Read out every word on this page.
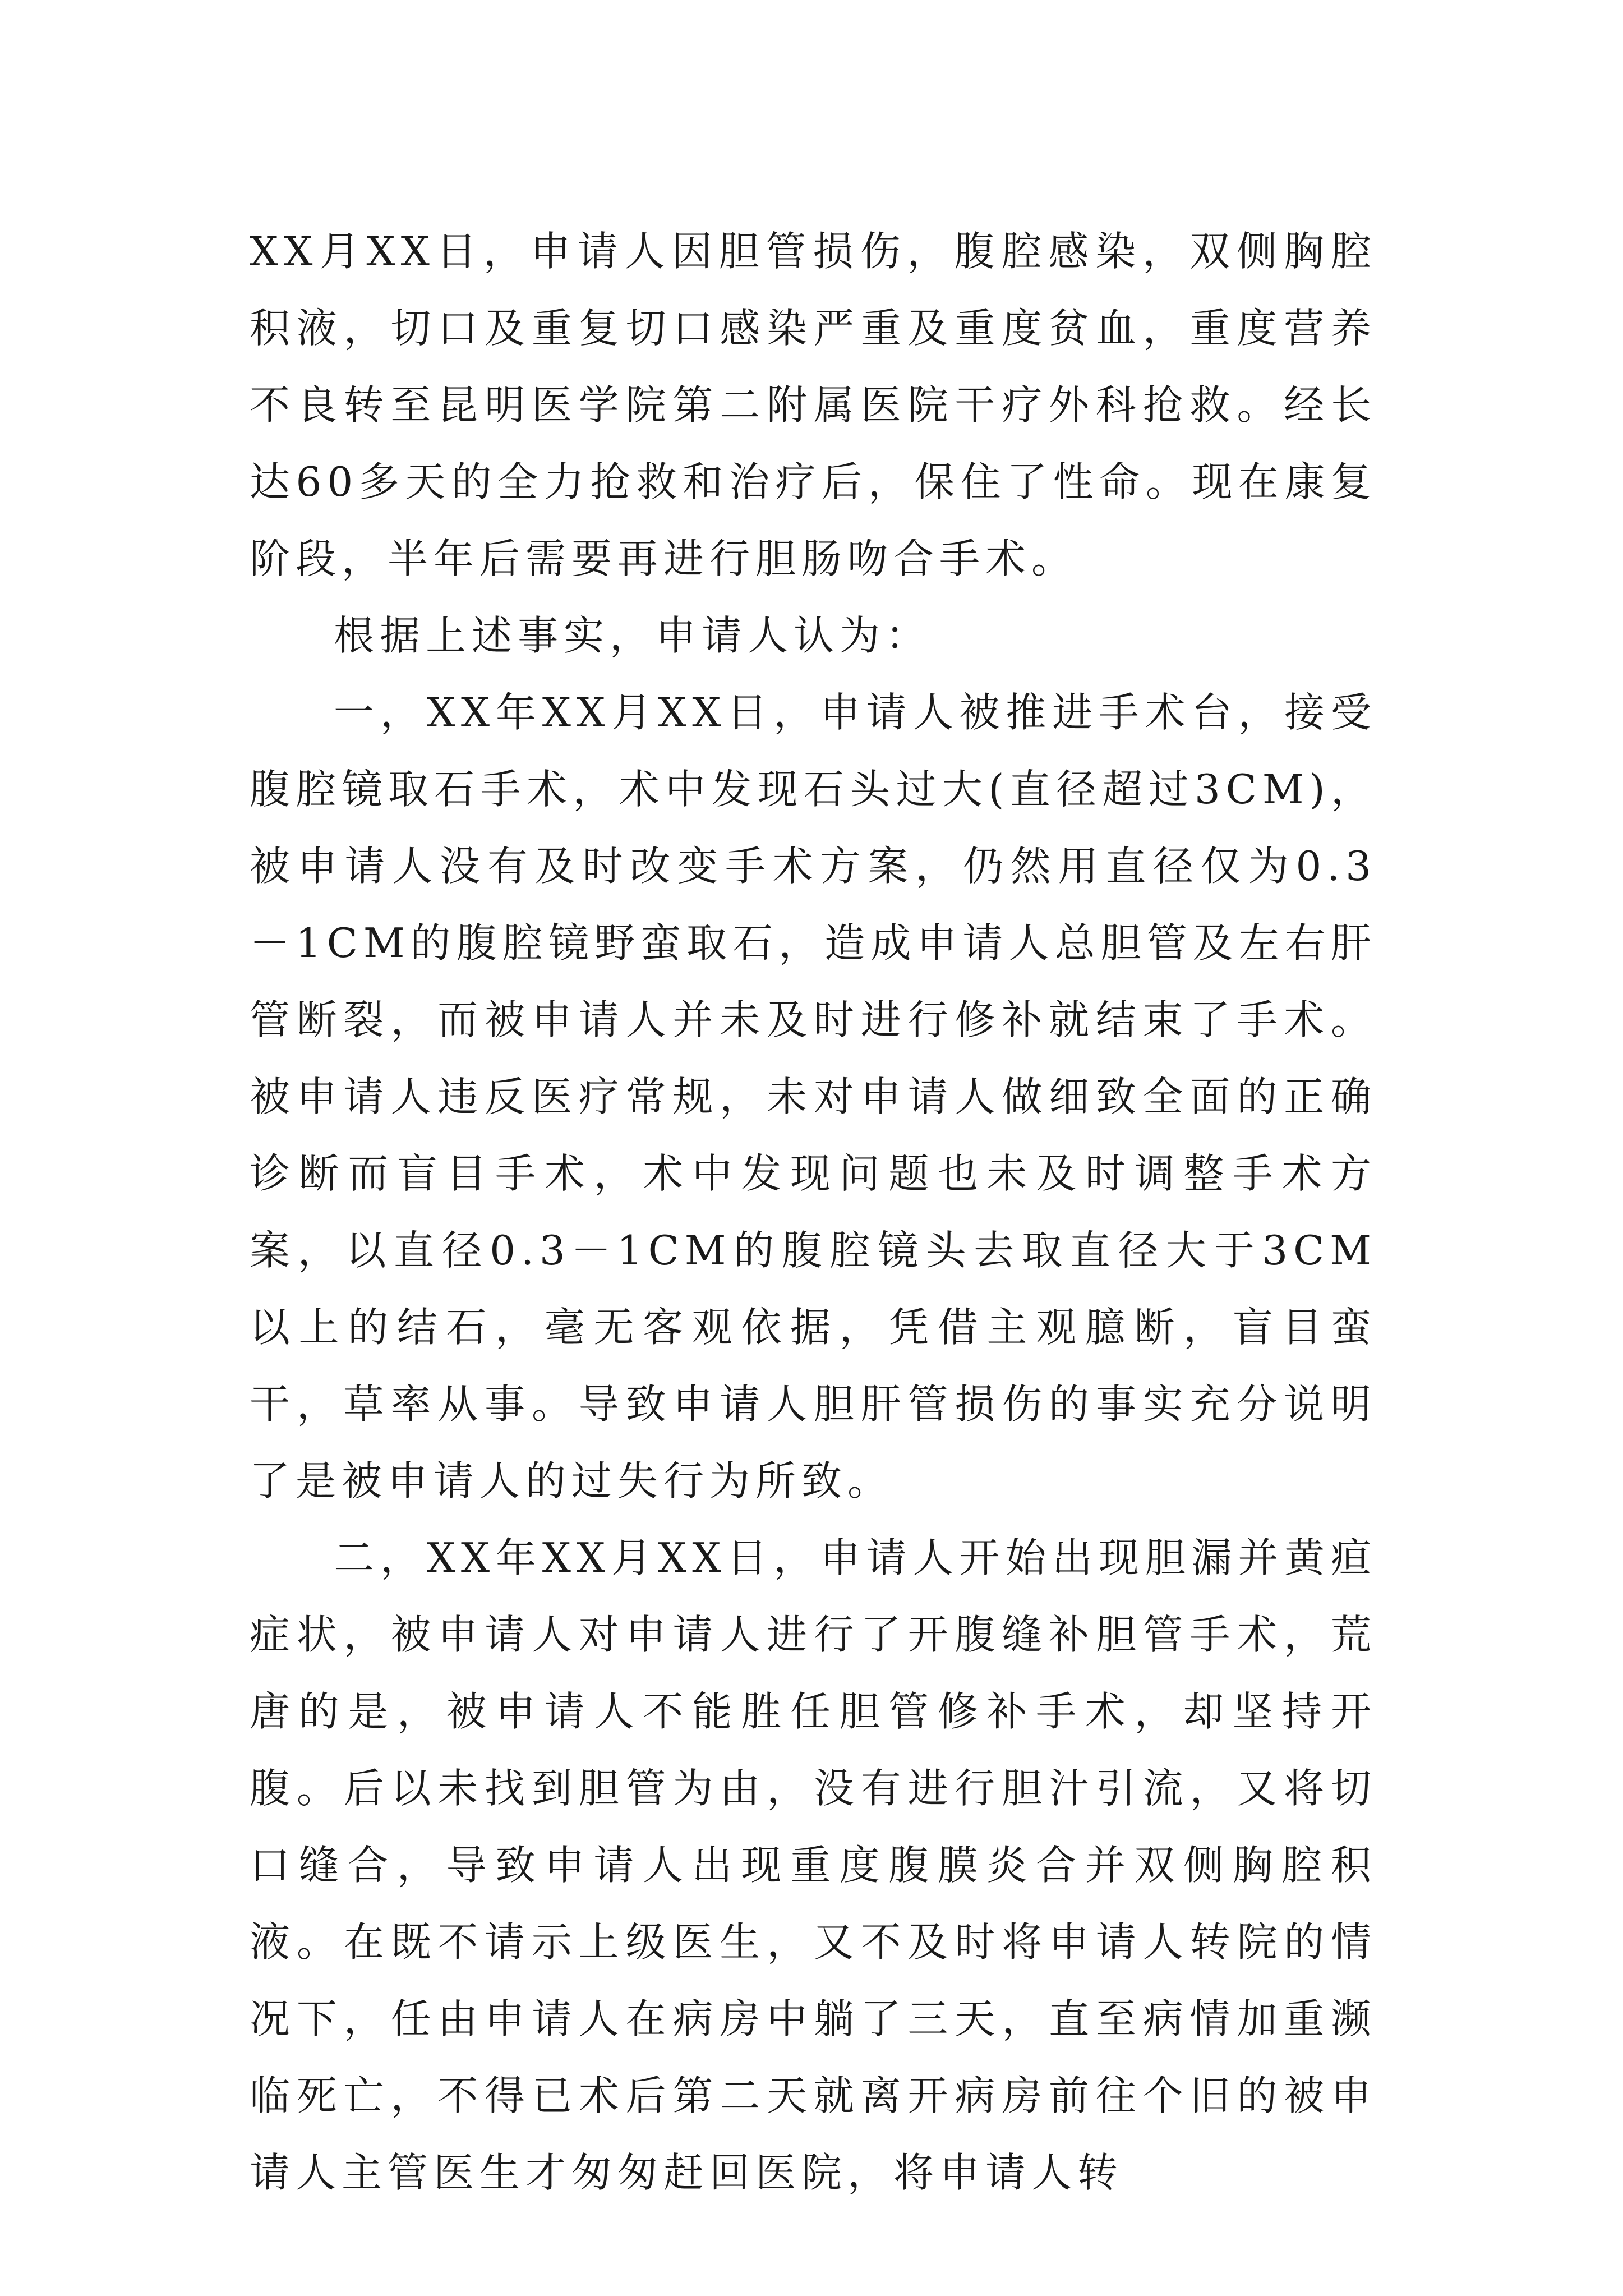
XX月XX日，申请人因胆管损伤，腹腔感染，双侧胸腔积液，切口及重复切口感染严重及重度贫血，重度营养不良转至昆明医学院第二附属医院干疗外科抢救。经长达60多天的全力抢救和治疗后，保住了性命。现在康复阶段，半年后需要再进行胆肠吻合手术。

根据上述事实，申请人认为：

一，XX年XX月XX日，申请人被推进手术台，接受腹腔镜取石手术，术中发现石头过大(直径超过3CM)，被申请人没有及时改变手术方案，仍然用直径仅为0.3－1CM的腹腔镜野蛮取石，造成申请人总胆管及左右肝管断裂，而被申请人并未及时进行修补就结束了手术。被申请人违反医疗常规，未对申请人做细致全面的正确诊断而盲目手术，术中发现问题也未及时调整手术方案，以直径0.3－1CM的腹腔镜头去取直径大于3CM以上的结石，毫无客观依据，凭借主观臆断，盲目蛮干，草率从事。导致申请人胆肝管损伤的事实充分说明了是被申请人的过失行为所致。

二，XX年XX月XX日，申请人开始出现胆漏并黄疸症状，被申请人对申请人进行了开腹缝补胆管手术，荒唐的是，被申请人不能胜任胆管修补手术，却坚持开腹。后以未找到胆管为由，没有进行胆汁引流，又将切口缝合，导致申请人出现重度腹膜炎合并双侧胸腔积液。在既不请示上级医生，又不及时将申请人转院的情况下，任由申请人在病房中躺了三天，直至病情加重濒临死亡，不得已术后第二天就离开病房前往个旧的被申请人主管医生才匆匆赶回医院，将申请人转
